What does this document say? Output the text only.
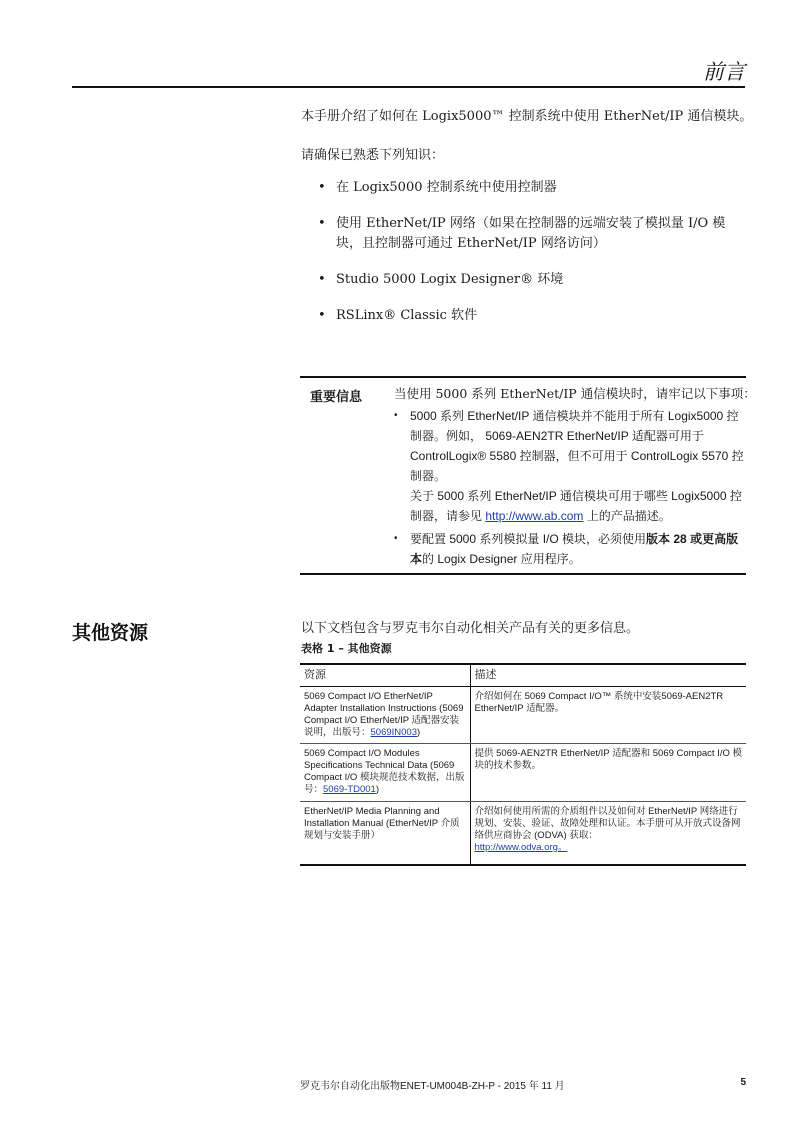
前言

本手册介绍了如何在 Logix5000™ 控制系统中使用 EtherNet/IP 通信模块。

请确保已熟悉下列知识：

• 在 Logix5000 控制系统中使用控制器
• 使用 EtherNet/IP 网络（如果在控制器的远端安装了模拟量 I/O 模块，且控制器可通过 EtherNet/IP 网络访问）
• Studio 5000 Logix Designer® 环境
• RSLinx® Classic 软件
重要信息	当使用 5000 系列 EtherNet/IP 通信模块时，请牢记以下事项：
• 5000 系列 EtherNet/IP 通信模块并不能用于所有 Logix5000 控制器。例如， 5069-AEN2TR EtherNet/IP 适配器可用于 ControlLogix® 5580 控制器，但不可用于 ControlLogix 5570 控制器。
关于 5000 系列 EtherNet/IP 通信模块可用于哪些 Logix5000 控制器，请参见 http://www.ab.com 上的产品描述。
• 要配置 5000 系列模拟量 I/O 模块，必须使用版本 28 或更高版本的 Logix Designer 应用程序。
其他资源	以下文档包含与罗克韦尔自动化相关产品有关的更多信息。

表格 1 – 其他资源
资源	描述
5069 Compact I/O EtherNet/IP Adapter Installation Instructions (5069 Compact I/O EtherNet/IP 适配器安装说明，出版号：5069IN003)	介绍如何在 5069 Compact I/O™ 系统中安装5069-AEN2TR EtherNet/IP 适配器。
5069 Compact I/O Modules Specifications Technical Data (5069 Compact I/O 模块规范技术数据，出版号：5069-TD001)	提供 5069-AEN2TR EtherNet/IP 适配器和 5069 Compact I/O 模块的技术参数。
EtherNet/IP Media Planning and Installation Manual (EtherNet/IP 介质规划与安装手册）	介绍如何使用所需的介质组件以及如何对 EtherNet/IP 网络进行规划、安装、验证、故障处理和认证。本手册可从开放式设备网络供应商协会 (ODVA) 获取：
http://www.odva.org。
罗克韦尔自动化出版物ENET-UM004B-ZH-P - 2015 年 11 月	5
